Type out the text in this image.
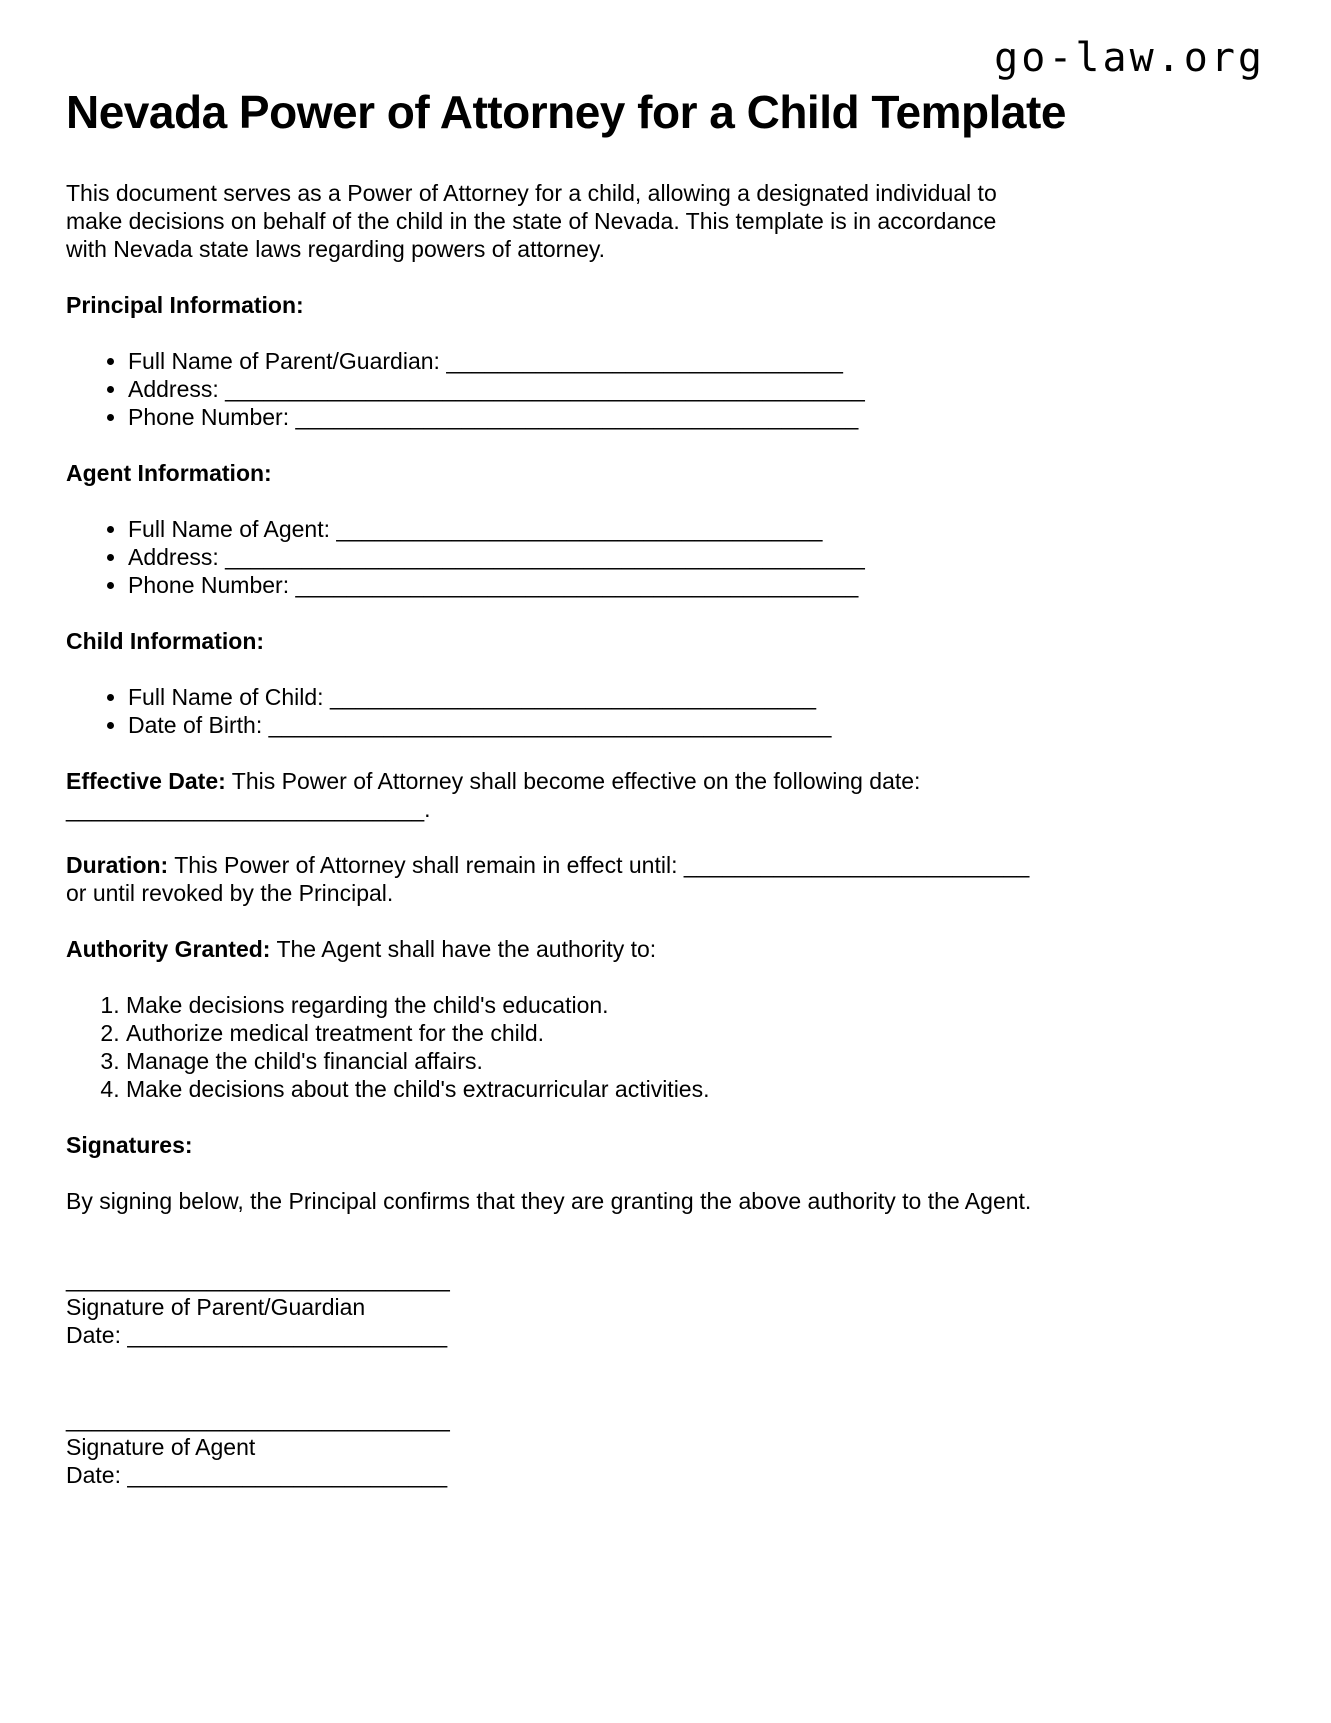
go-law.org
Nevada Power of Attorney for a Child Template

This document serves as a Power of Attorney for a child, allowing a designated individual to make decisions on behalf of the child in the state of Nevada. This template is in accordance with Nevada state laws regarding powers of attorney.

Principal Information:
• Full Name of Parent/Guardian: _______________________________
• Address: __________________________________________________
• Phone Number: ____________________________________________
Agent Information:
• Full Name of Agent: ______________________________________
• Address: __________________________________________________
• Phone Number: ____________________________________________
Child Information:
• Full Name of Child: ______________________________________
• Date of Birth: ____________________________________________

Effective Date: This Power of Attorney shall become effective on the following date: ____________________________.

Duration: This Power of Attorney shall remain in effect until: ___________________________
or until revoked by the Principal.

Authority Granted: The Agent shall have the authority to:

1. Make decisions regarding the child's education.
2. Authorize medical treatment for the child.
3. Manage the child's financial affairs.
4. Make decisions about the child's extracurricular activities.
Signatures:

By signing below, the Principal confirms that they are granting the above authority to the Agent.

______________________________
Signature of Parent/Guardian
Date: _________________________
______________________________
Signature of Agent
Date: _________________________
